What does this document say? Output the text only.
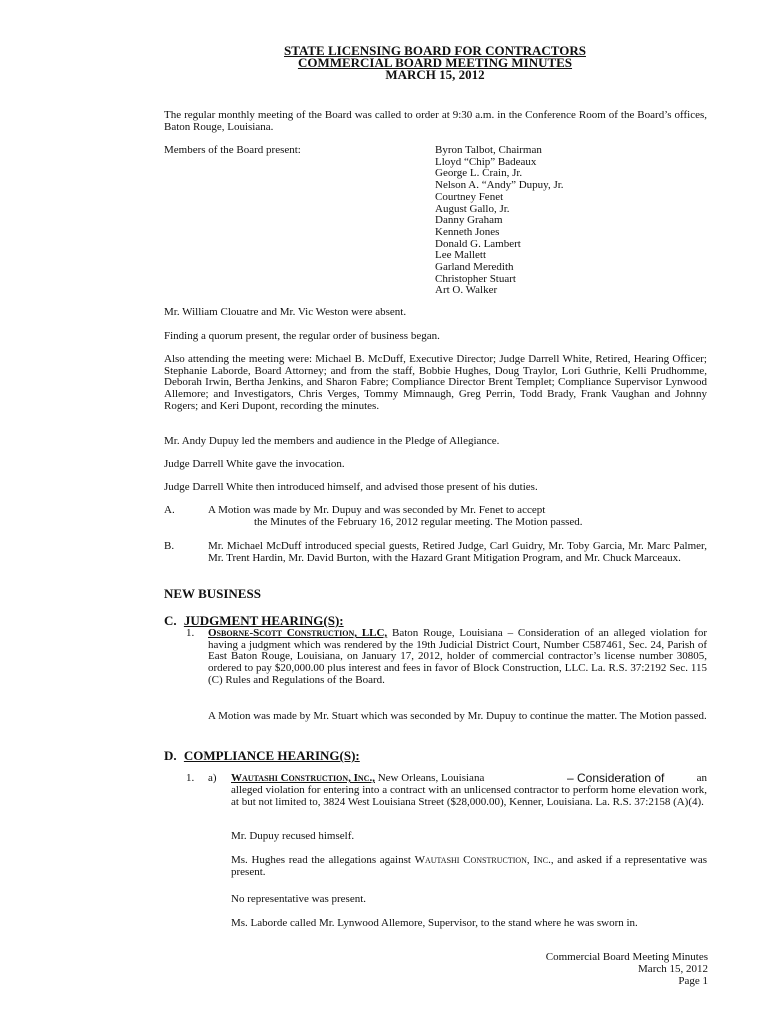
STATE LICENSING BOARD FOR CONTRACTORS
COMMERCIAL BOARD MEETING MINUTES
MARCH 15, 2012
The regular monthly meeting of the Board was called to order at 9:30 a.m. in the Conference Room of the Board’s offices, Baton Rouge, Louisiana.
Members of the Board present:	Byron Talbot, Chairman
Lloyd “Chip” Badeaux
George L. Crain, Jr.
Nelson A. “Andy” Dupuy, Jr.
Courtney Fenet
August Gallo, Jr.
Danny Graham
Kenneth Jones
Donald G. Lambert
Lee Mallett
Garland Meredith
Christopher Stuart
Art O. Walker
Mr. William Clouatre and Mr. Vic Weston were absent.
Finding a quorum present, the regular order of business began.
Also attending the meeting were: Michael B. McDuff, Executive Director; Judge Darrell White, Retired, Hearing Officer; Stephanie Laborde, Board Attorney; and from the staff, Bobbie Hughes, Doug Traylor, Lori Guthrie, Kelli Prudhomme, Deborah Irwin, Bertha Jenkins, and Sharon Fabre; Compliance Director Brent Templet; Compliance Supervisor Lynwood Allemore; and Investigators, Chris Verges, Tommy Mimnaugh, Greg Perrin, Todd Brady, Frank Vaughan and Johnny Rogers; and Keri Dupont, recording the minutes.
Mr. Andy Dupuy led the members and audience in the Pledge of Allegiance.
Judge Darrell White gave the invocation.
Judge Darrell White then introduced himself, and advised those present of his duties.
A.	A Motion was made by Mr. Dupuy and was seconded by Mr. Fenet to accept
the Minutes of the February 16, 2012 regular meeting. The Motion passed.
B.	Mr. Michael McDuff introduced special guests, Retired Judge, Carl Guidry, Mr. Toby Garcia, Mr. Marc Palmer, Mr. Trent Hardin, Mr. David Burton, with the Hazard Grant Mitigation Program, and Mr. Chuck Marceaux.
NEW BUSINESS
C. JUDGMENT HEARING(S):
1. Osborne-Scott Construction, LLC, Baton Rouge, Louisiana – Consideration of an alleged violation for having a judgment which was rendered by the 19th Judicial District Court, Number C587461, Sec. 24, Parish of East Baton Rouge, Louisiana, on January 17, 2012, holder of commercial contractor’s license number 30805, ordered to pay $20,000.00 plus interest and fees in favor of Block Construction, LLC. La. R.S. 37:2192 Sec. 115 (C) Rules and Regulations of the Board.
A Motion was made by Mr. Stuart which was seconded by Mr. Dupuy to continue the matter. The Motion passed.
D. COMPLIANCE HEARING(S):
1. a) Wautashi Construction, Inc., New Orleans, Louisiana	– Consideration of	an
alleged violation for entering into a contract with an unlicensed contractor to perform home elevation work, at but not limited to, 3824 West Louisiana Street ($28,000.00), Kenner, Louisiana. La. R.S. 37:2158 (A)(4).
Mr. Dupuy recused himself.
Ms. Hughes read the allegations against Wautashi Construction, Inc., and asked if a representative was present.
No representative was present.
Ms. Laborde called Mr. Lynwood Allemore, Supervisor, to the stand where he was sworn in.
Commercial Board Meeting Minutes
March 15, 2012
Page 1
